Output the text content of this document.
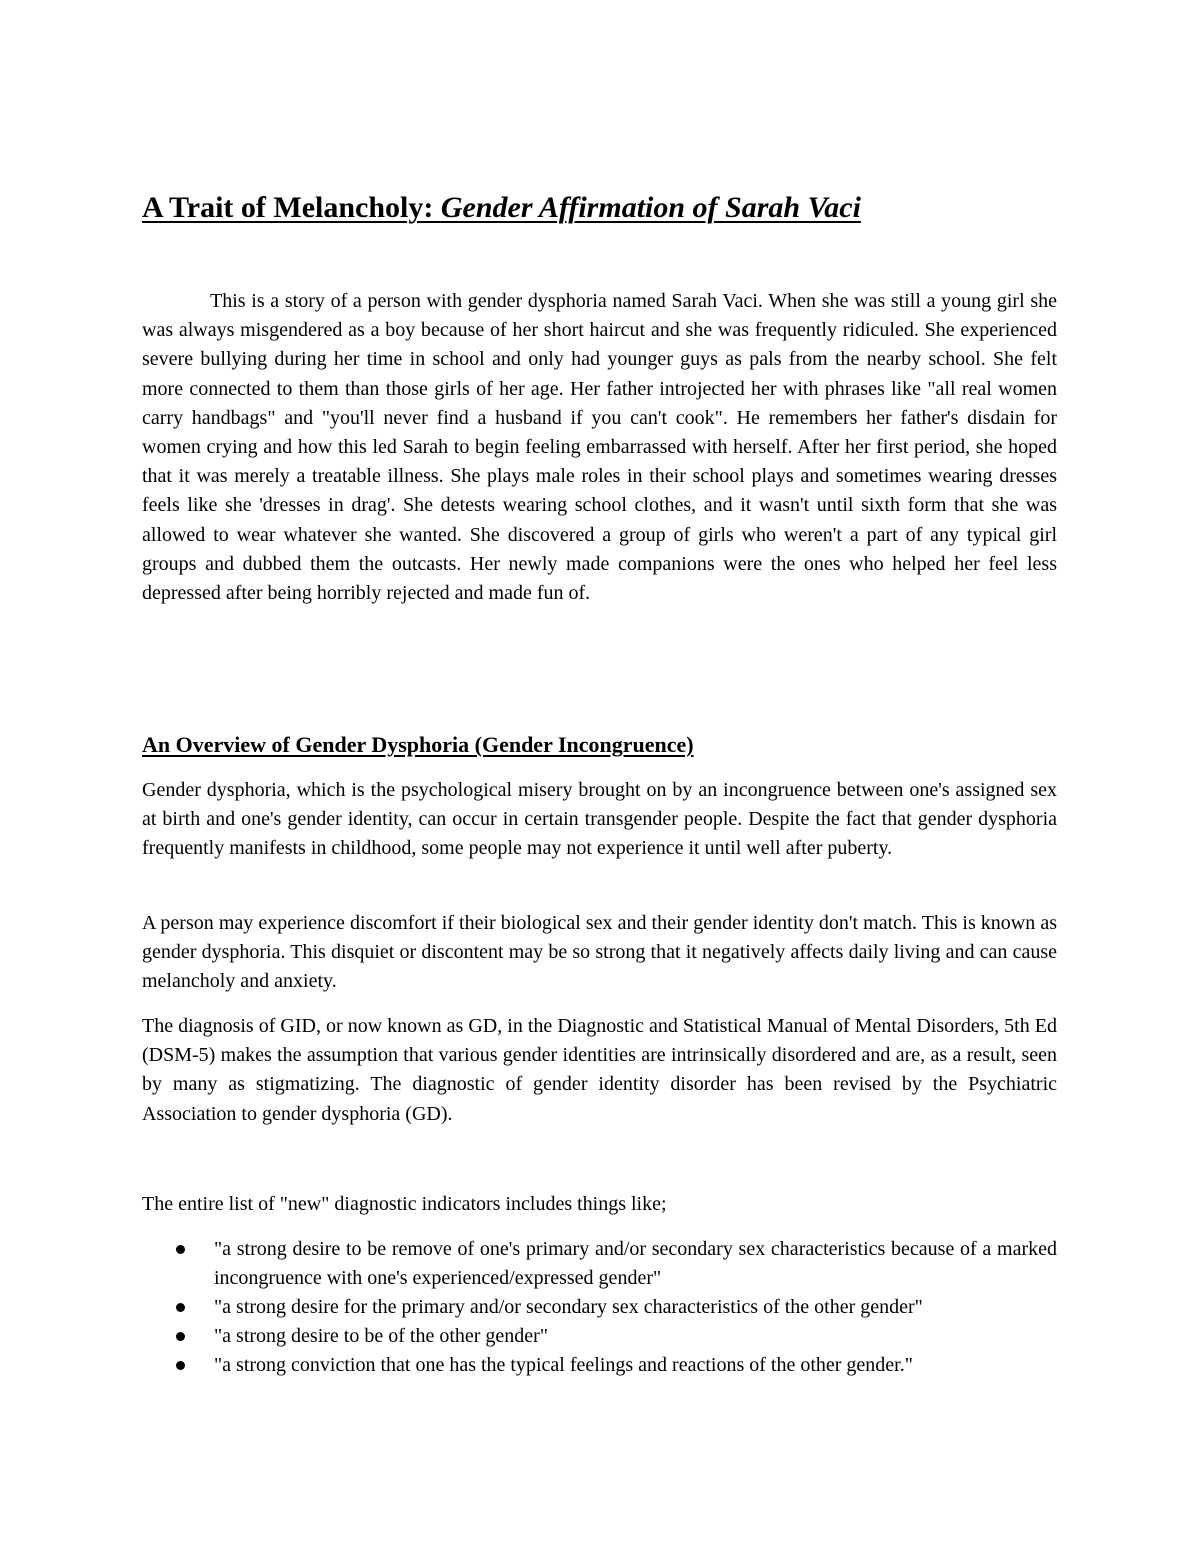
A Trait of Melancholy: Gender Affirmation of Sarah Vaci

This is a story of a person with gender dysphoria named Sarah Vaci. When she was still a young girl she was always misgendered as a boy because of her short haircut and she was frequently ridiculed. She experienced severe bullying during her time in school and only had younger guys as pals from the nearby school. She felt more connected to them than those girls of her age. Her father introjected her with phrases like "all real women carry handbags" and "you'll never find a husband if you can't cook". He remembers her father's disdain for women crying and how this led Sarah to begin feeling embarrassed with herself. After her first period, she hoped that it was merely a treatable illness. She plays male roles in their school plays and sometimes wearing dresses feels like she 'dresses in drag'. She detests wearing school clothes, and it wasn't until sixth form that she was allowed to wear whatever she wanted. She discovered a group of girls who weren't a part of any typical girl groups and dubbed them the outcasts. Her newly made companions were the ones who helped her feel less depressed after being horribly rejected and made fun of.

An Overview of Gender Dysphoria (Gender Incongruence)

Gender dysphoria, which is the psychological misery brought on by an incongruence between one's assigned sex at birth and one's gender identity, can occur in certain transgender people. Despite the fact that gender dysphoria frequently manifests in childhood, some people may not experience it until well after puberty.

A person may experience discomfort if their biological sex and their gender identity don't match. This is known as gender dysphoria. This disquiet or discontent may be so strong that it negatively affects daily living and can cause melancholy and anxiety.

The diagnosis of GID, or now known as GD, in the Diagnostic and Statistical Manual of Mental Disorders, 5th Ed (DSM-5) makes the assumption that various gender identities are intrinsically disordered and are, as a result, seen by many as stigmatizing. The diagnostic of gender identity disorder has been revised by the Psychiatric Association to gender dysphoria (GD).

The entire list of "new" diagnostic indicators includes things like;

"a strong desire to be remove of one's primary and/or secondary sex characteristics because of a marked incongruence with one's experienced/expressed gender"
"a strong desire for the primary and/or secondary sex characteristics of the other gender"
"a strong desire to be of the other gender"
"a strong conviction that one has the typical feelings and reactions of the other gender."
